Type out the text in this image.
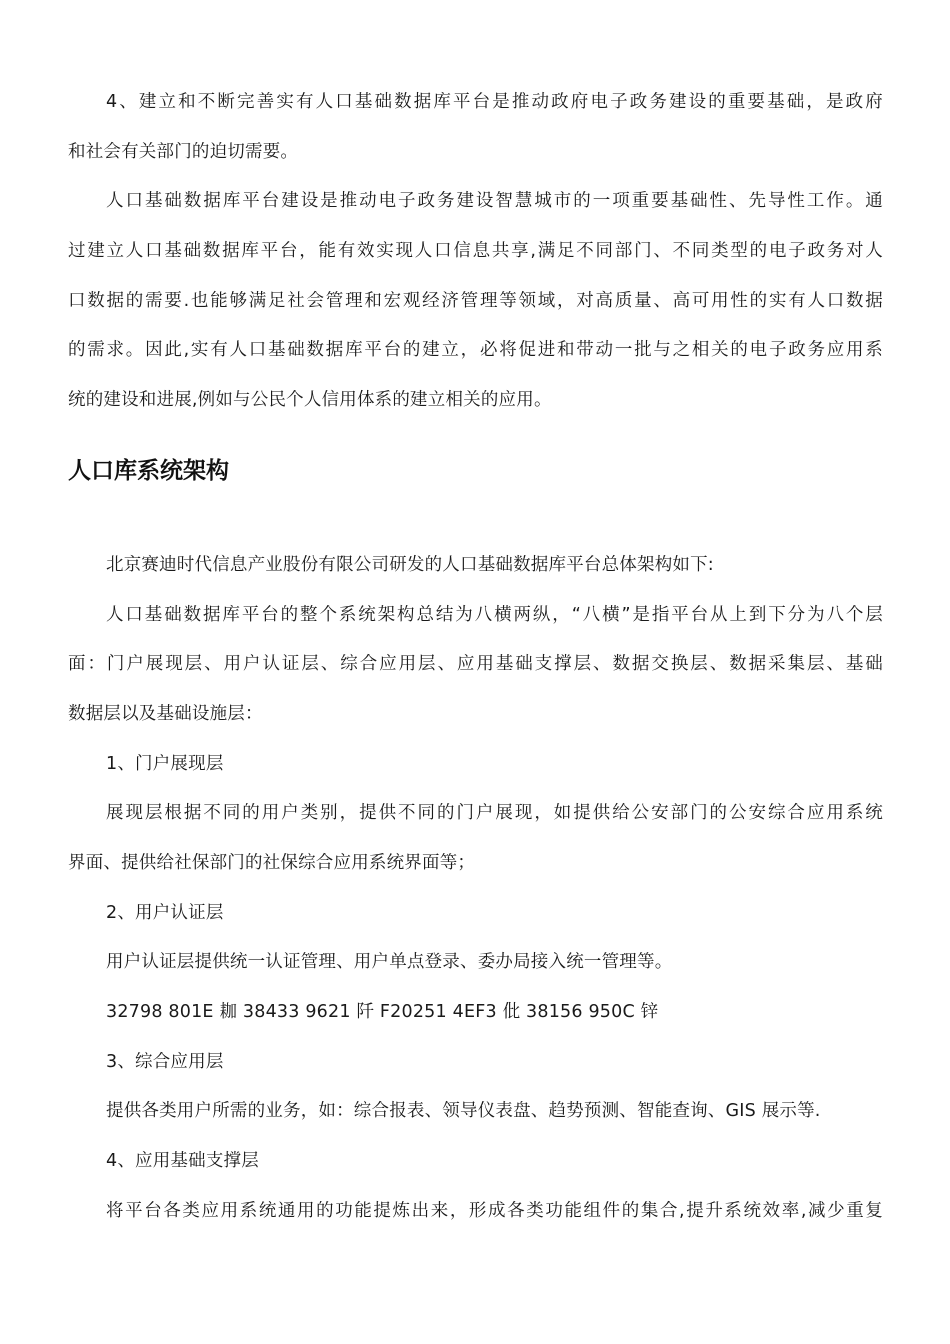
4、建立和不断完善实有人口基础数据库平台是推动政府电子政务建设的重要基础，是政府
和社会有关部门的迫切需要。
人口基础数据库平台建设是推动电子政务建设智慧城市的一项重要基础性、先导性工作。通
过建立人口基础数据库平台，能有效实现人口信息共享,满足不同部门、不同类型的电子政务对人
口数据的需要.也能够满足社会管理和宏观经济管理等领域，对高质量、高可用性的实有人口数据
的需求。因此,实有人口基础数据库平台的建立，必将促进和带动一批与之相关的电子政务应用系
统的建设和进展,例如与公民个人信用体系的建立相关的应用。
人口库系统架构
北京赛迪时代信息产业股份有限公司研发的人口基础数据库平台总体架构如下:
人口基础数据库平台的整个系统架构总结为八横两纵，“八横”是指平台从上到下分为八个层
面：门户展现层、用户认证层、综合应用层、应用基础支撑层、数据交换层、数据采集层、基础
数据层以及基础设施层：
1、门户展现层
展现层根据不同的用户类别，提供不同的门户展现，如提供给公安部门的公安综合应用系统
界面、提供给社保部门的社保综合应用系统界面等；
2、用户认证层
用户认证层提供统一认证管理、用户单点登录、委办局接入统一管理等。
32798 801E 耞 38433 9621 阡 F20251 4EF3 仳 38156 950C 锌
3、综合应用层
提供各类用户所需的业务，如：综合报表、领导仪表盘、趋势预测、智能查询、GIS 展示等.
4、应用基础支撑层
将平台各类应用系统通用的功能提炼出来，形成各类功能组件的集合,提升系统效率,减少重复
